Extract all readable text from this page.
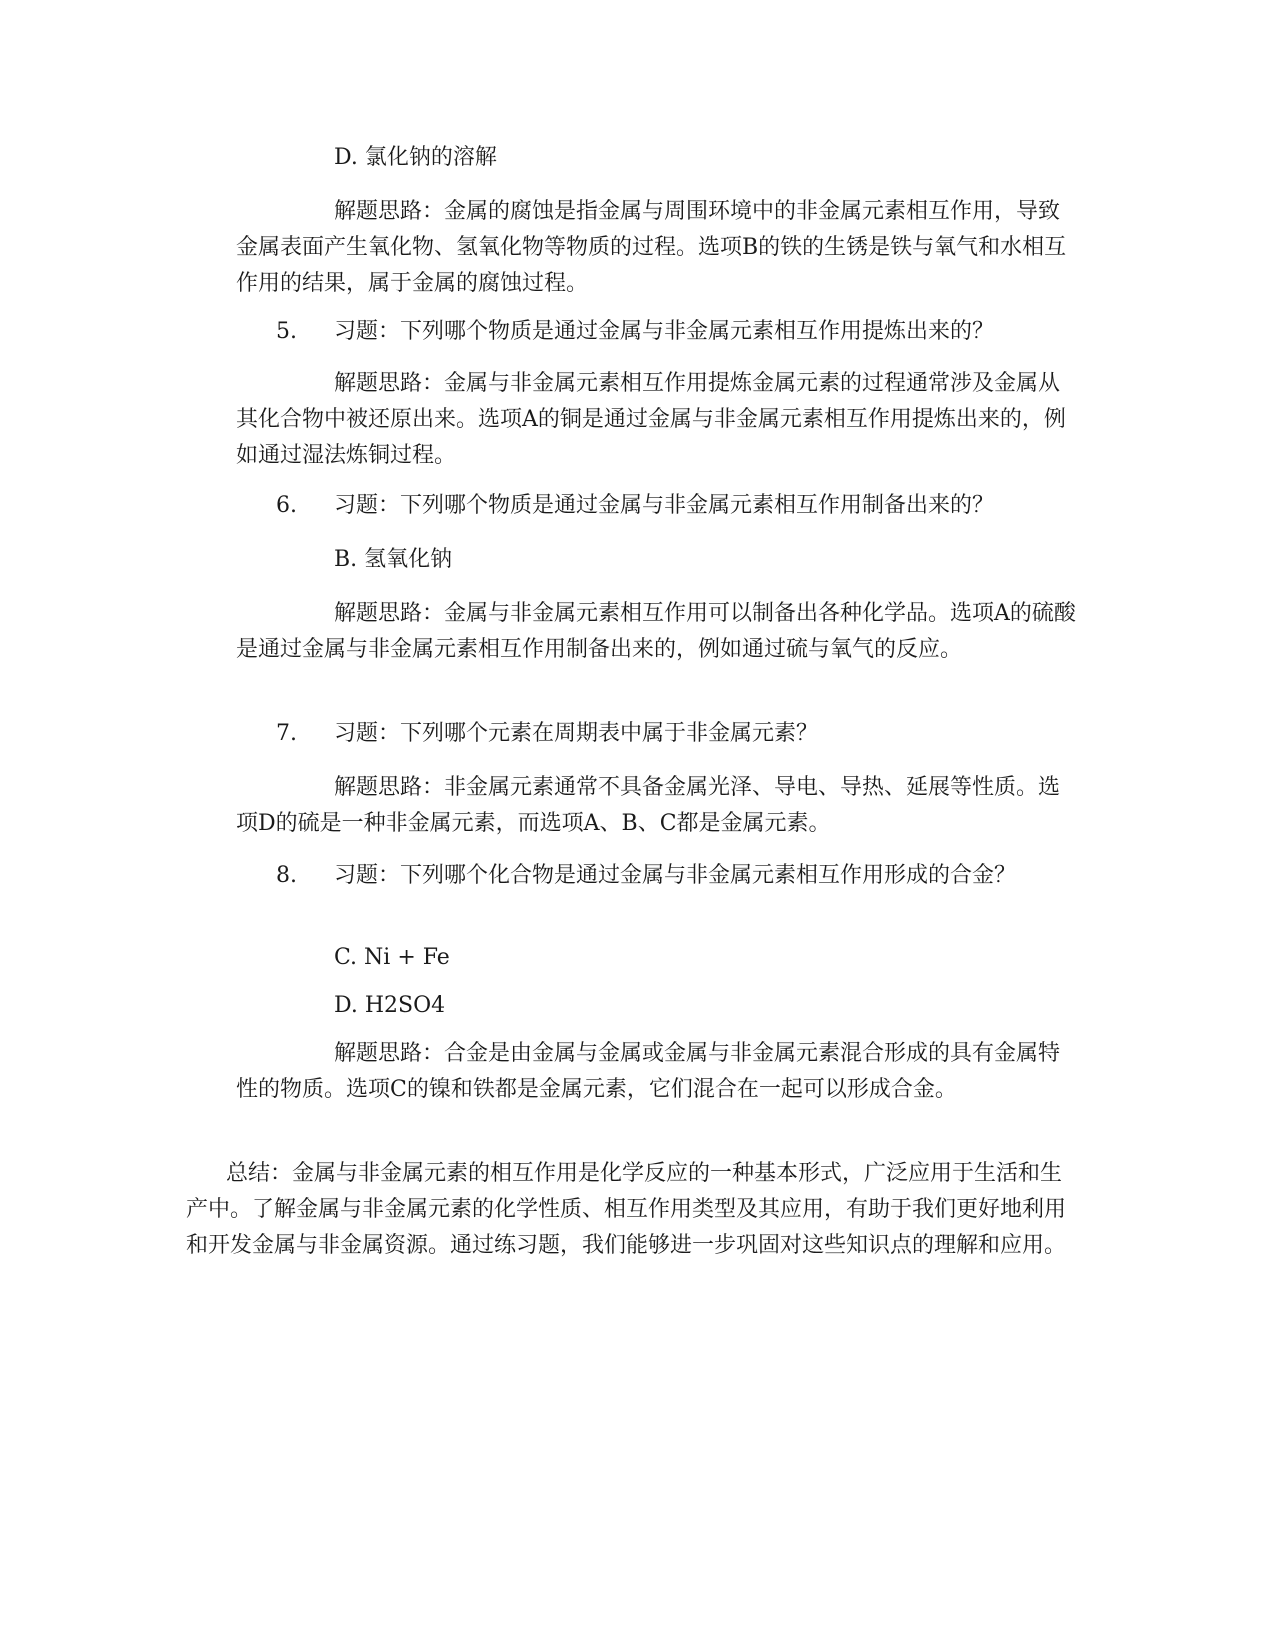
D. 氯化钠的溶解

解题思路：金属的腐蚀是指金属与周围环境中的非金属元素相互作用，导致金属表面产生氧化物、氢氧化物等物质的过程。选项B的铁的生锈是铁与氧气和水相互作用的结果，属于金属的腐蚀过程。

5. 习题：下列哪个物质是通过金属与非金属元素相互作用提炼出来的？

解题思路：金属与非金属元素相互作用提炼金属元素的过程通常涉及金属从其化合物中被还原出来。选项A的铜是通过金属与非金属元素相互作用提炼出来的，例如通过湿法炼铜过程。

6. 习题：下列哪个物质是通过金属与非金属元素相互作用制备出来的？

B. 氢氧化钠

解题思路：金属与非金属元素相互作用可以制备出各种化学品。选项A的硫酸是通过金属与非金属元素相互作用制备出来的，例如通过硫与氧气的反应。

7. 习题：下列哪个元素在周期表中属于非金属元素？

解题思路：非金属元素通常不具备金属光泽、导电、导热、延展等性质。选项D的硫是一种非金属元素，而选项A、B、C都是金属元素。

8. 习题：下列哪个化合物是通过金属与非金属元素相互作用形成的合金？

C. Ni + Fe

D. H2SO4

解题思路：合金是由金属与金属或金属与非金属元素混合形成的具有金属特性的物质。选项C的镍和铁都是金属元素，它们混合在一起可以形成合金。

总结：金属与非金属元素的相互作用是化学反应的一种基本形式，广泛应用于生活和生产中。了解金属与非金属元素的化学性质、相互作用类型及其应用，有助于我们更好地利用和开发金属与非金属资源。通过练习题，我们能够进一步巩固对这些知识点的理解和应用。
